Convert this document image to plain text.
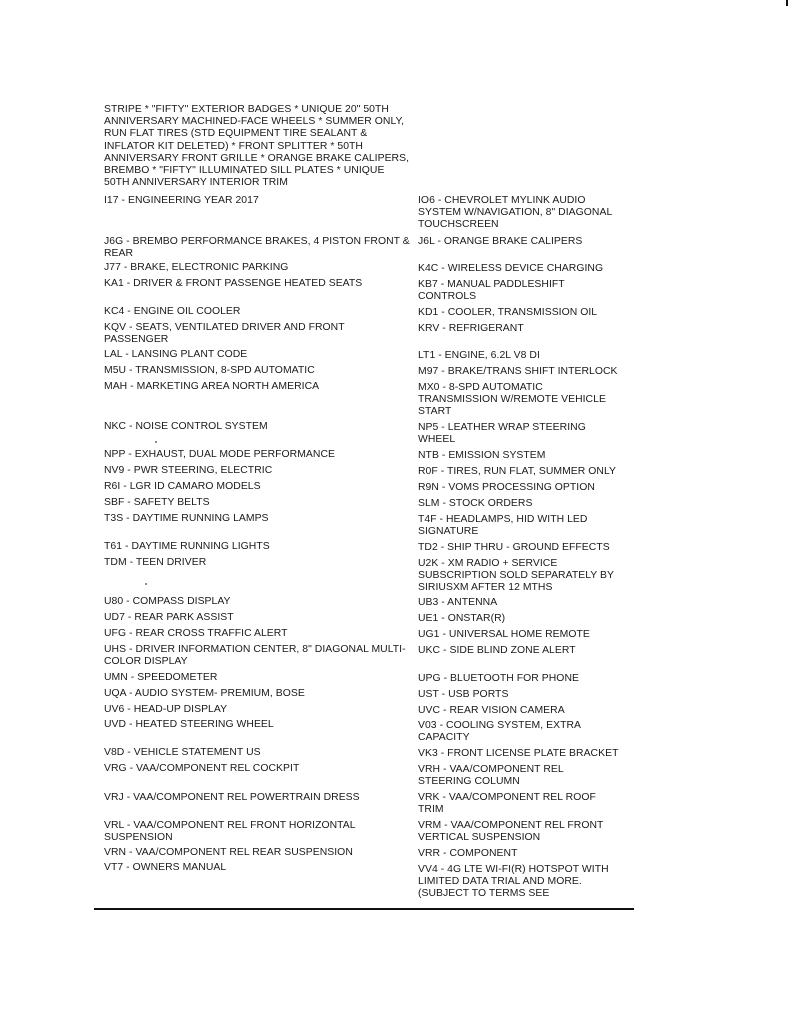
STRIPE * "FIFTY" EXTERIOR BADGES * UNIQUE 20" 50TH
ANNIVERSARY MACHINED-FACE WHEELS * SUMMER ONLY,
RUN FLAT TIRES (STD EQUIPMENT TIRE SEALANT &
INFLATOR KIT DELETED) * FRONT SPLITTER * 50TH
ANNIVERSARY FRONT GRILLE * ORANGE BRAKE CALIPERS,
BREMBO * "FIFTY" ILLUMINATED SILL PLATES * UNIQUE
50TH ANNIVERSARY INTERIOR TRIM
I17 - ENGINEERING YEAR 2017
J6G - BREMBO PERFORMANCE BRAKES, 4 PISTON FRONT &
REAR
J77 - BRAKE, ELECTRONIC PARKING
KA1 - DRIVER & FRONT PASSENGE HEATED SEATS
KC4 - ENGINE OIL COOLER
KQV - SEATS, VENTILATED DRIVER AND FRONT
PASSENGER
LAL - LANSING PLANT CODE
M5U - TRANSMISSION, 8-SPD AUTOMATIC
MAH - MARKETING AREA NORTH AMERICA
NKC - NOISE CONTROL SYSTEM
NPP - EXHAUST, DUAL MODE PERFORMANCE
NV9 - PWR STEERING, ELECTRIC
R6I - LGR ID CAMARO MODELS
SBF - SAFETY BELTS
T3S - DAYTIME RUNNING LAMPS
T61 - DAYTIME RUNNING LIGHTS
TDM - TEEN DRIVER
U80 - COMPASS DISPLAY
UD7 - REAR PARK ASSIST
UFG - REAR CROSS TRAFFIC ALERT
UHS - DRIVER INFORMATION CENTER, 8" DIAGONAL MULTI-
COLOR DISPLAY
UMN - SPEEDOMETER
UQA - AUDIO SYSTEM- PREMIUM, BOSE
UV6 - HEAD-UP DISPLAY
UVD - HEATED STEERING WHEEL
V8D - VEHICLE STATEMENT US
VRG - VAA/COMPONENT REL COCKPIT
VRJ - VAA/COMPONENT REL POWERTRAIN DRESS
VRL - VAA/COMPONENT REL FRONT HORIZONTAL
SUSPENSION
VRN - VAA/COMPONENT REL REAR SUSPENSION
VT7 - OWNERS MANUAL
IO6 - CHEVROLET MYLINK AUDIO
SYSTEM W/NAVIGATION, 8" DIAGONAL
TOUCHSCREEN
J6L - ORANGE BRAKE CALIPERS
K4C - WIRELESS DEVICE CHARGING
KB7 - MANUAL PADDLESHIFT
CONTROLS
KD1 - COOLER, TRANSMISSION OIL
KRV - REFRIGERANT
LT1 - ENGINE, 6.2L V8 DI
M97 - BRAKE/TRANS SHIFT INTERLOCK
MX0 - 8-SPD AUTOMATIC
TRANSMISSION W/REMOTE VEHICLE
START
NP5 - LEATHER WRAP STEERING
WHEEL
NTB - EMISSION SYSTEM
R0F - TIRES, RUN FLAT, SUMMER ONLY
R9N - VOMS PROCESSING OPTION
SLM - STOCK ORDERS
T4F - HEADLAMPS, HID WITH LED
SIGNATURE
TD2 - SHIP THRU - GROUND EFFECTS
U2K - XM RADIO + SERVICE
SUBSCRIPTION SOLD SEPARATELY BY
SIRIUSXM AFTER 12 MTHS
UB3 - ANTENNA
UE1 - ONSTAR(R)
UG1 - UNIVERSAL HOME REMOTE
UKC - SIDE BLIND ZONE ALERT
UPG - BLUETOOTH FOR PHONE
UST - USB PORTS
UVC - REAR VISION CAMERA
V03 - COOLING SYSTEM, EXTRA
CAPACITY
VK3 - FRONT LICENSE PLATE BRACKET
VRH - VAA/COMPONENT REL
STEERING COLUMN
VRK - VAA/COMPONENT REL ROOF
TRIM
VRM - VAA/COMPONENT REL FRONT
VERTICAL SUSPENSION
VRR - COMPONENT
VV4 - 4G LTE WI-FI(R) HOTSPOT WITH
LIMITED DATA TRIAL AND MORE.
(SUBJECT TO TERMS SEE
